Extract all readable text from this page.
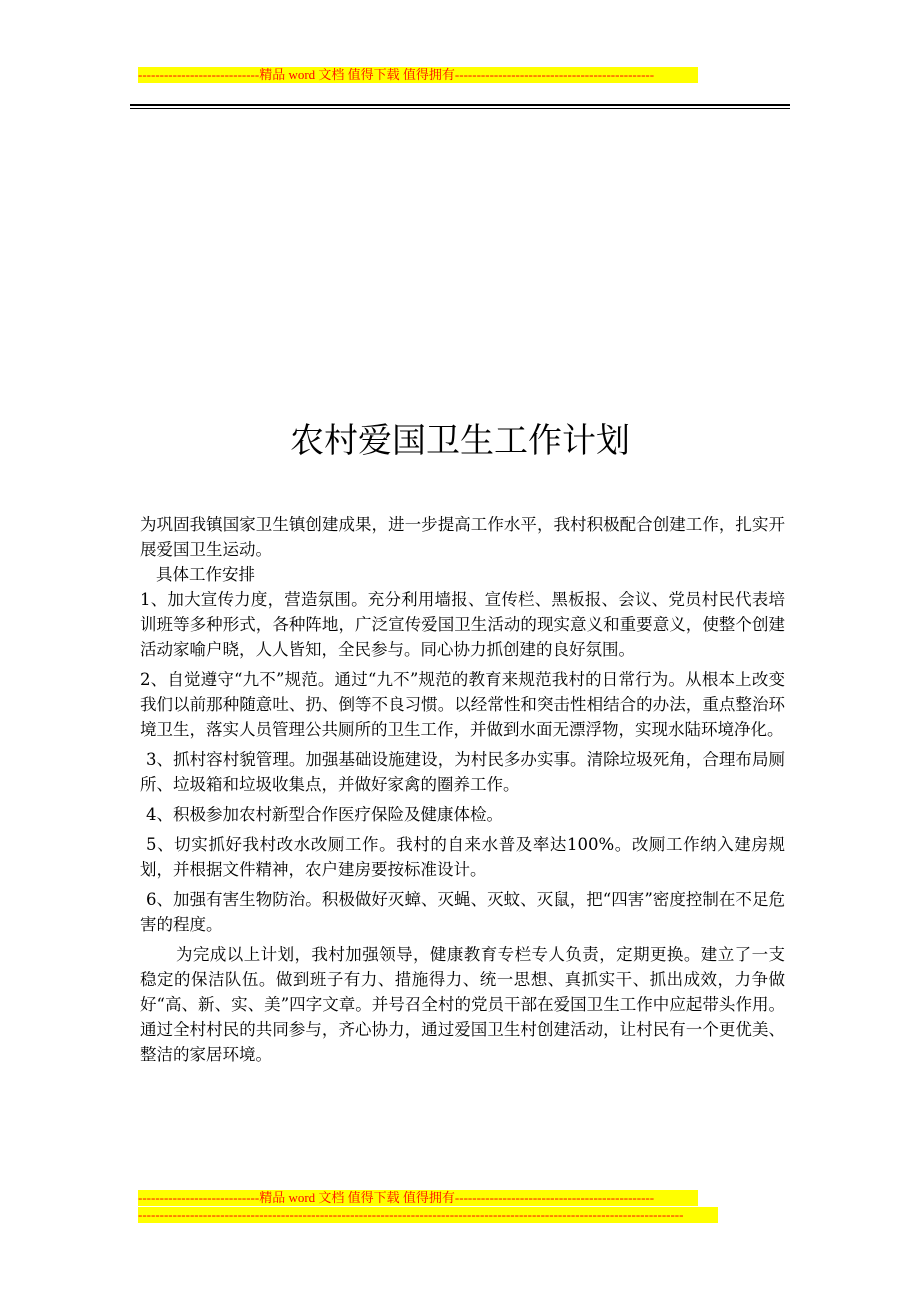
----------------------------精品 word 文档 值得下载 值得拥有----------------------------------------------
农村爱国卫生工作计划

为巩固我镇国家卫生镇创建成果，进一步提高工作水平，我村积极配合创建工作，扎实开展爱国卫生运动。

具体工作安排

1、加大宣传力度，营造氛围。充分利用墙报、宣传栏、黑板报、会议、党员村民代表培训班等多种形式，各种阵地，广泛宣传爱国卫生活动的现实意义和重要意义，使整个创建活动家喻户晓，人人皆知，全民参与。同心协力抓创建的良好氛围。

2、自觉遵守“九不”规范。通过“九不”规范的教育来规范我村的日常行为。从根本上改变我们以前那种随意吐、扔、倒等不良习惯。以经常性和突击性相结合的办法，重点整治环境卫生，落实人员管理公共厕所的卫生工作，并做到水面无漂浮物，实现水陆环境净化。

3、抓村容村貌管理。加强基础设施建设，为村民多办实事。清除垃圾死角，合理布局厕所、垃圾箱和垃圾收集点，并做好家禽的圈养工作。

4、积极参加农村新型合作医疗保险及健康体检。

5、切实抓好我村改水改厕工作。我村的自来水普及率达100%。改厕工作纳入建房规划，并根据文件精神，农户建房要按标准设计。

6、加强有害生物防治。积极做好灭蟑、灭蝇、灭蚊、灭鼠，把“四害”密度控制在不足危害的程度。

为完成以上计划，我村加强领导，健康教育专栏专人负责，定期更换。建立了一支稳定的保洁队伍。做到班子有力、措施得力、统一思想、真抓实干、抓出成效，力争做好“高、新、实、美”四字文章。并号召全村的党员干部在爱国卫生工作中应起带头作用。通过全村村民的共同参与，齐心协力，通过爱国卫生村创建活动，让村民有一个更优美、整洁的家居环境。

----------------------------精品 word 文档 值得下载 值得拥有----------------------------------------------
------------------------------------------------------------------------------------------------------------------------------
